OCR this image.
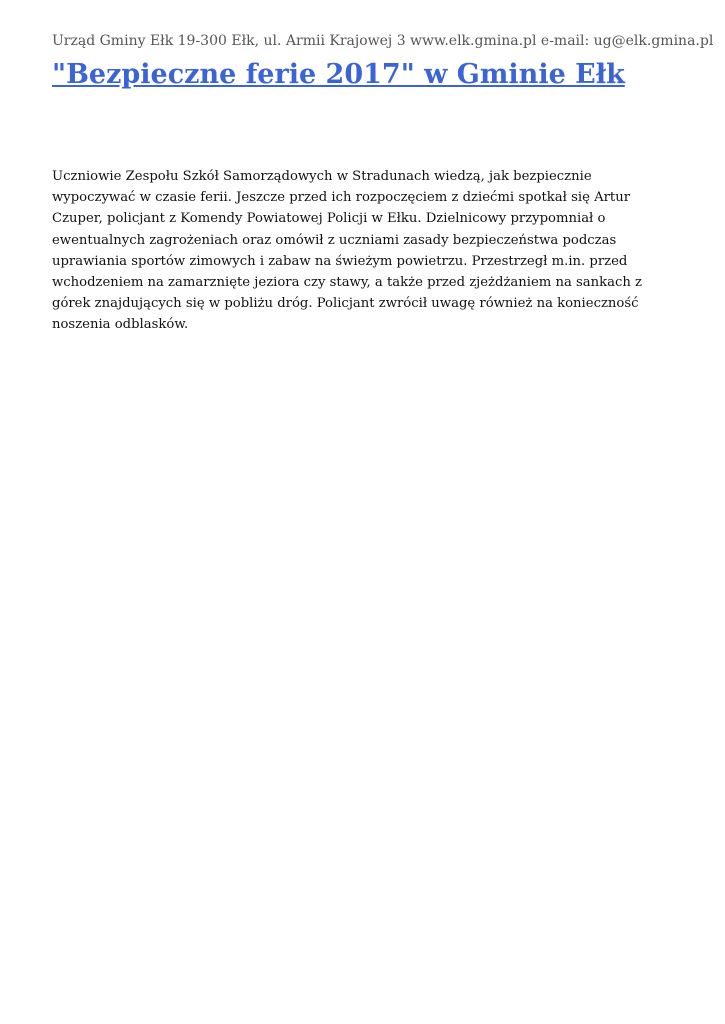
Urząd Gminy Ełk 19-300 Ełk, ul. Armii Krajowej 3 www.elk.gmina.pl e-mail: ug@elk.gmina.pl
"Bezpieczne ferie 2017" w Gminie Ełk

Uczniowie Zespołu Szkół Samorządowych w Stradunach wiedzą, jak bezpiecznie wypoczywać w czasie ferii. Jeszcze przed ich rozpoczęciem z dziećmi spotkał się Artur Czuper, policjant z Komendy Powiatowej Policji w Ełku. Dzielnicowy przypomniał o ewentualnych zagrożeniach oraz omówił z uczniami zasady bezpieczeństwa podczas uprawiania sportów zimowych i zabaw na świeżym powietrzu. Przestrzegł m.in. przed wchodzeniem na zamarznięte jeziora czy stawy, a także przed zjeżdżaniem na sankach z górek znajdujących się w pobliżu dróg. Policjant zwrócił uwagę również na konieczność noszenia odblasków.
